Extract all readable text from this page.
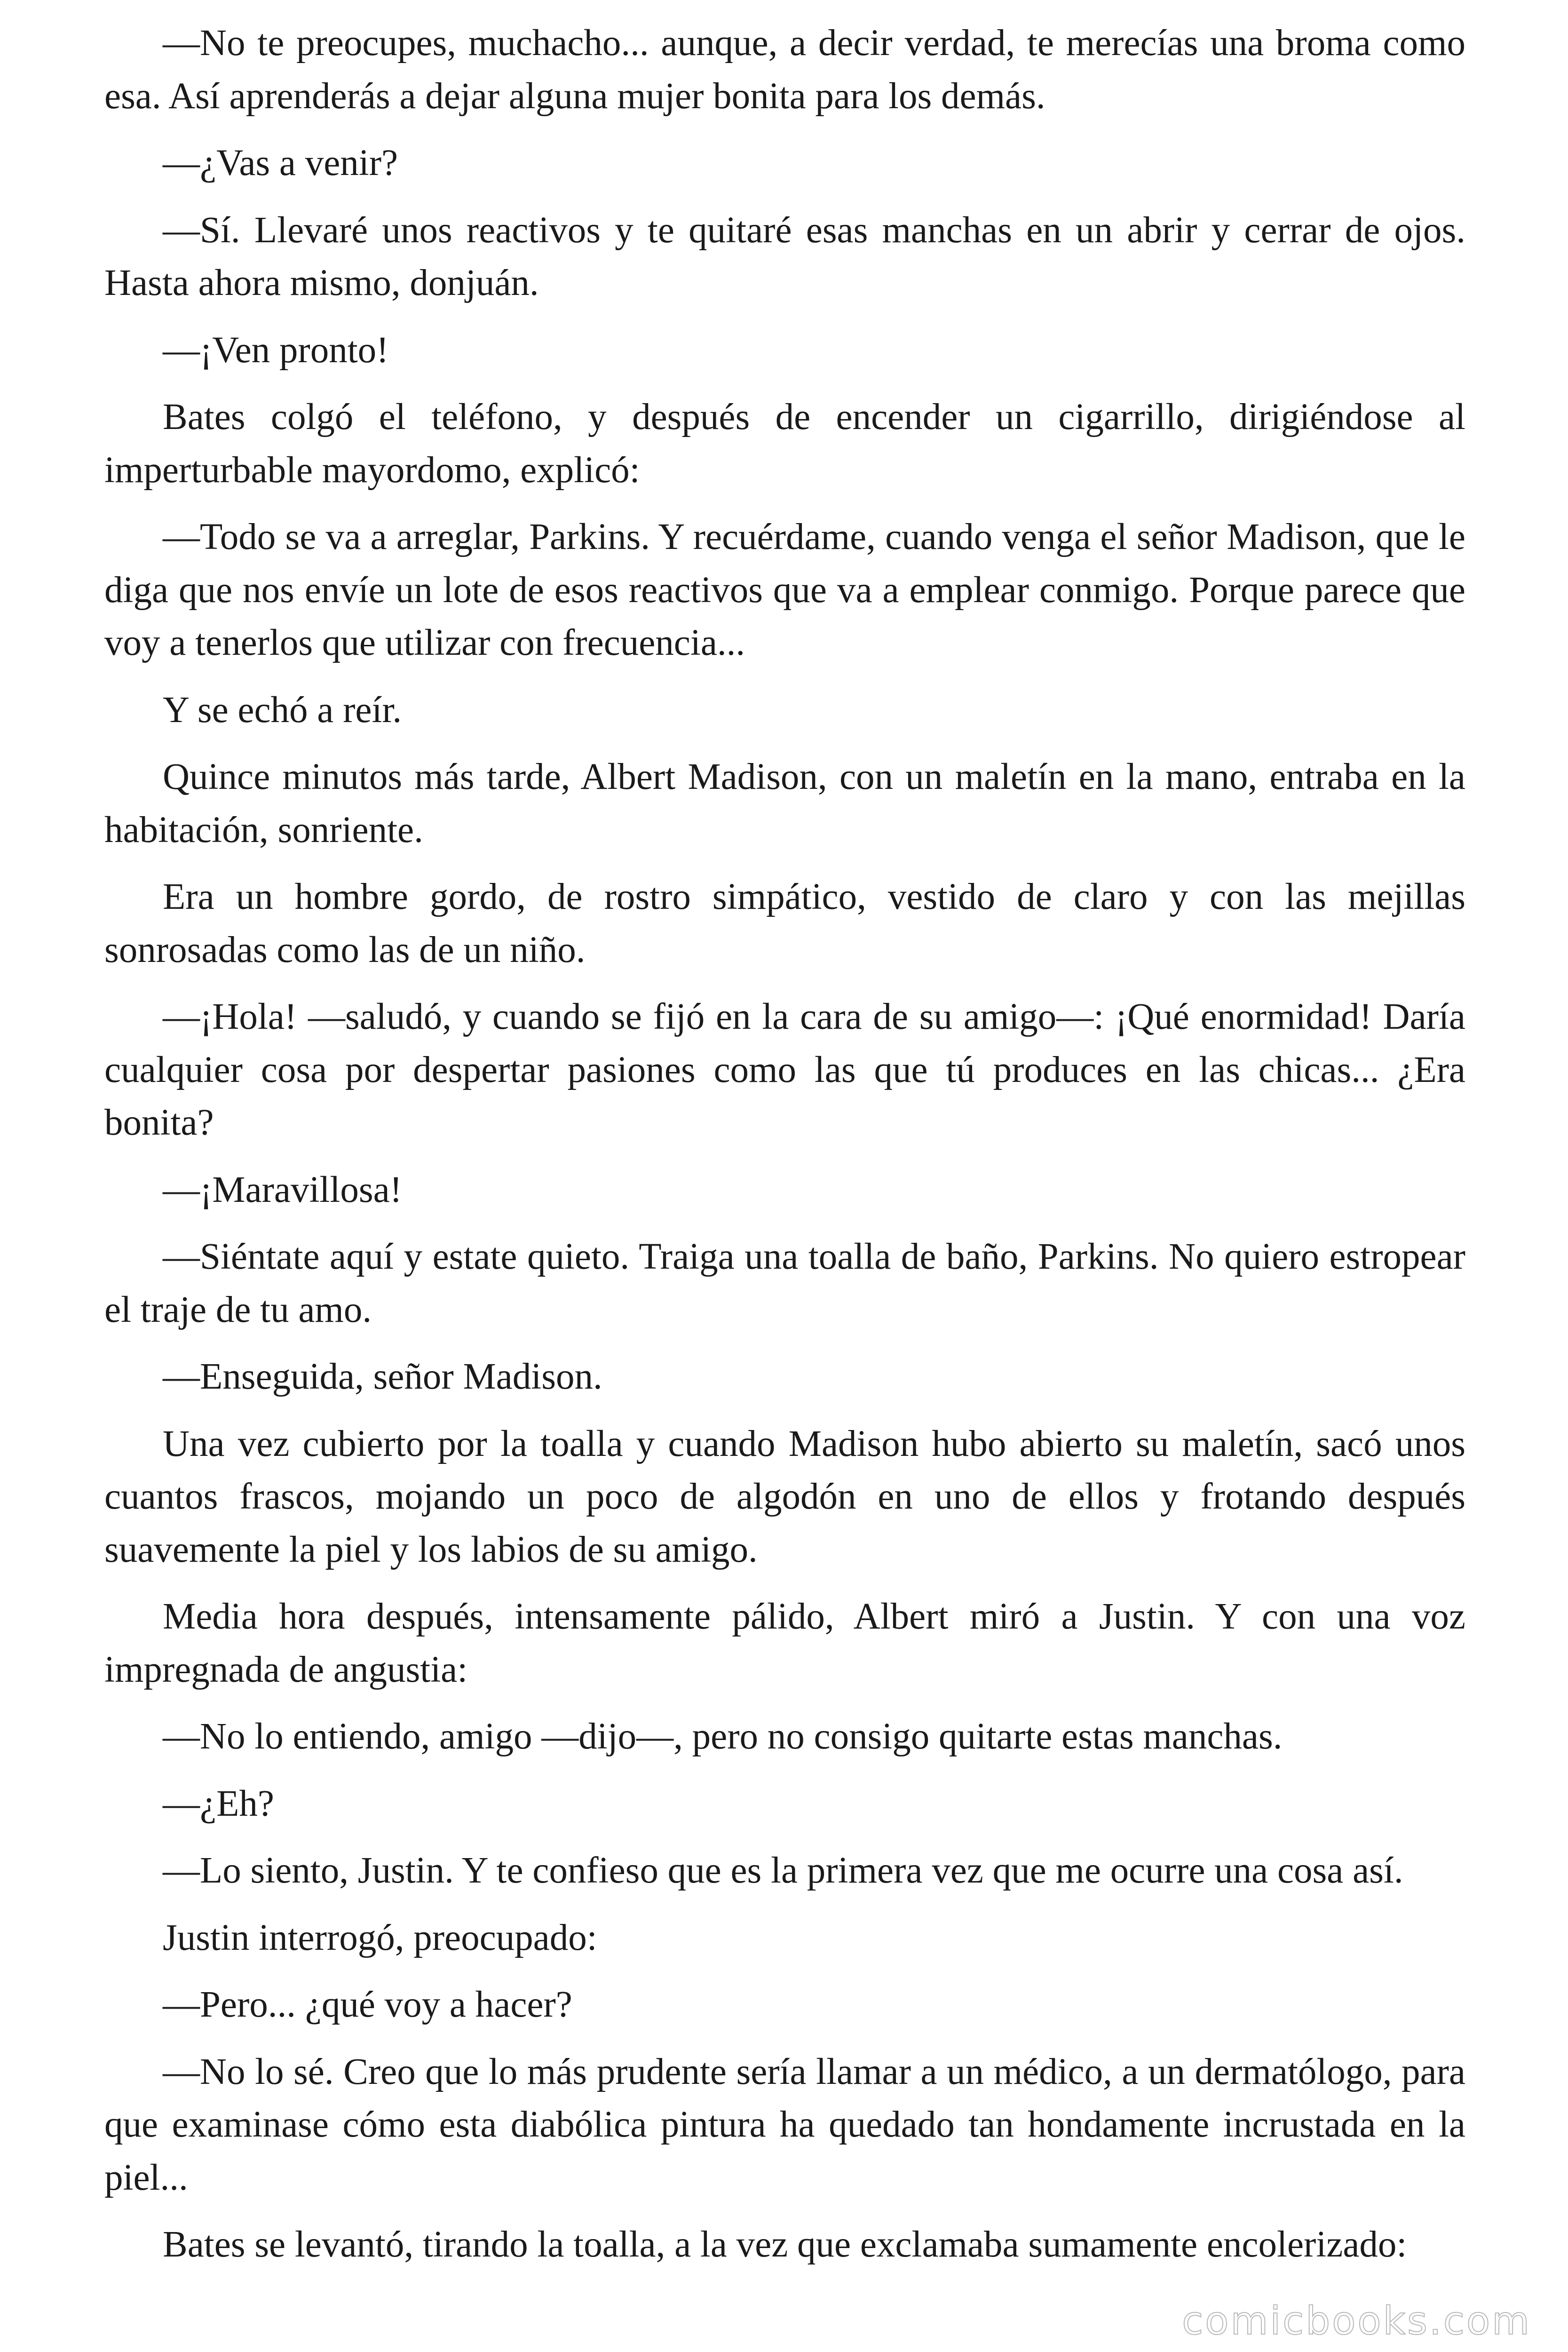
—No te preocupes, muchacho... aunque, a decir verdad, te merecías una broma como esa. Así aprenderás a dejar alguna mujer bonita para los demás.

—¿Vas a venir?

—Sí. Llevaré unos reactivos y te quitaré esas manchas en un abrir y cerrar de ojos. Hasta ahora mismo, donjuán.

—¡Ven pronto!

Bates colgó el teléfono, y después de encender un cigarrillo, dirigiéndose al imperturbable mayordomo, explicó:

—Todo se va a arreglar, Parkins. Y recuérdame, cuando venga el señor Madison, que le diga que nos envíe un lote de esos reactivos que va a emplear conmigo. Porque parece que voy a tenerlos que utilizar con frecuencia...

Y se echó a reír.

Quince minutos más tarde, Albert Madison, con un maletín en la mano, entraba en la habitación, sonriente.

Era un hombre gordo, de rostro simpático, vestido de claro y con las mejillas sonrosadas como las de un niño.

—¡Hola! —saludó, y cuando se fijó en la cara de su amigo—: ¡Qué enormidad! Daría cualquier cosa por despertar pasiones como las que tú produces en las chicas... ¿Era bonita?

—¡Maravillosa!

—Siéntate aquí y estate quieto. Traiga una toalla de baño, Parkins. No quiero estropear el traje de tu amo.

—Enseguida, señor Madison.

Una vez cubierto por la toalla y cuando Madison hubo abierto su maletín, sacó unos cuantos frascos, mojando un poco de algodón en uno de ellos y frotando después suavemente la piel y los labios de su amigo.

Media hora después, intensamente pálido, Albert miró a Justin. Y con una voz impregnada de angustia:

—No lo entiendo, amigo —dijo—, pero no consigo quitarte estas manchas.

—¿Eh?

—Lo siento, Justin. Y te confieso que es la primera vez que me ocurre una cosa así.

Justin interrogó, preocupado:

—Pero... ¿qué voy a hacer?

—No lo sé. Creo que lo más prudente sería llamar a un médico, a un dermatólogo, para que examinase cómo esta diabólica pintura ha quedado tan hondamente incrustada en la piel...

Bates se levantó, tirando la toalla, a la vez que exclamaba sumamente encolerizado:

comicbooks.com
